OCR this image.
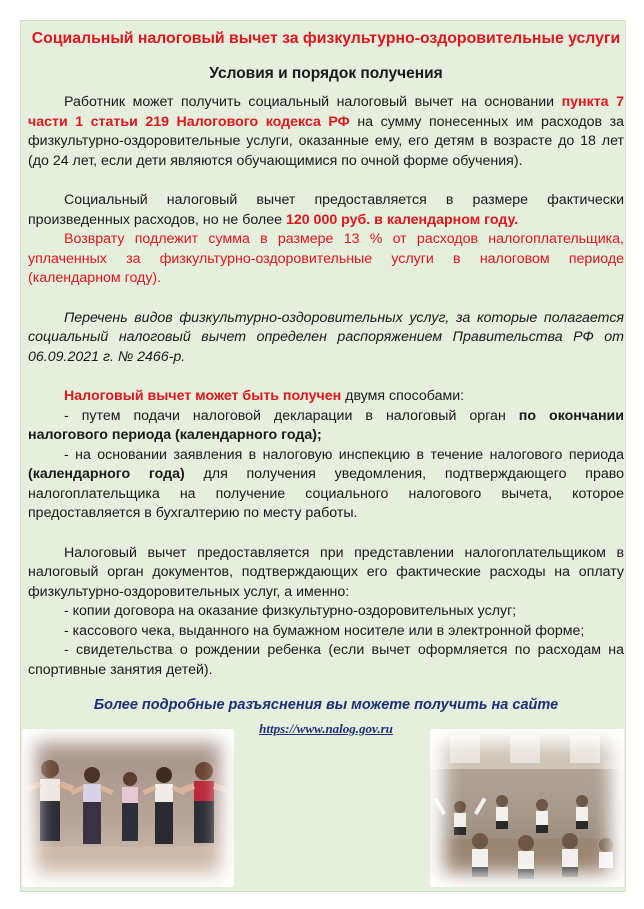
Социальный налоговый вычет за физкультурно-оздоровительные услуги
Условия и порядок получения

Работник может получить социальный налоговый вычет на основании пункта 7 части 1 статьи 219 Налогового кодекса РФ на сумму понесенных им расходов за физкультурно-оздоровительные услуги, оказанные ему, его детям в возрасте до 18 лет (до 24 лет, если дети являются обучающимися по очной форме обучения).

Социальный налоговый вычет предоставляется в размере фактически произведенных расходов, но не более 120 000 руб. в календарном году.

Возврату подлежит сумма в размере 13 % от расходов налогоплательщика, уплаченных за физкультурно-оздоровительные услуги в налоговом периоде (календарном году).

Перечень видов физкультурно-оздоровительных услуг, за которые полагается социальный налоговый вычет определен распоряжением Правительства РФ от 06.09.2021 г. № 2466-р.

Налоговый вычет может быть получен двумя способами:

- путем подачи налоговой декларации в налоговый орган по окончании налогового периода (календарного года);

- на основании заявления в налоговую инспекцию в течение налогового периода (календарного года) для получения уведомления, подтверждающего право налогоплательщика на получение социального налогового вычета, которое предоставляется в бухгалтерию по месту работы.

Налоговый вычет предоставляется при представлении налогоплательщиком в налоговый орган документов, подтверждающих его фактические расходы на оплату физкультурно-оздоровительных услуг, а именно:

- копии договора на оказание физкультурно-оздоровительных услуг;

- кассового чека, выданного на бумажном носителе или в электронной форме;

- свидетельства о рождении ребенка (если вычет оформляется по расходам на спортивные занятия детей).

Более подробные разъяснения вы можете получить на сайте
https://www.nalog.gov.ru
